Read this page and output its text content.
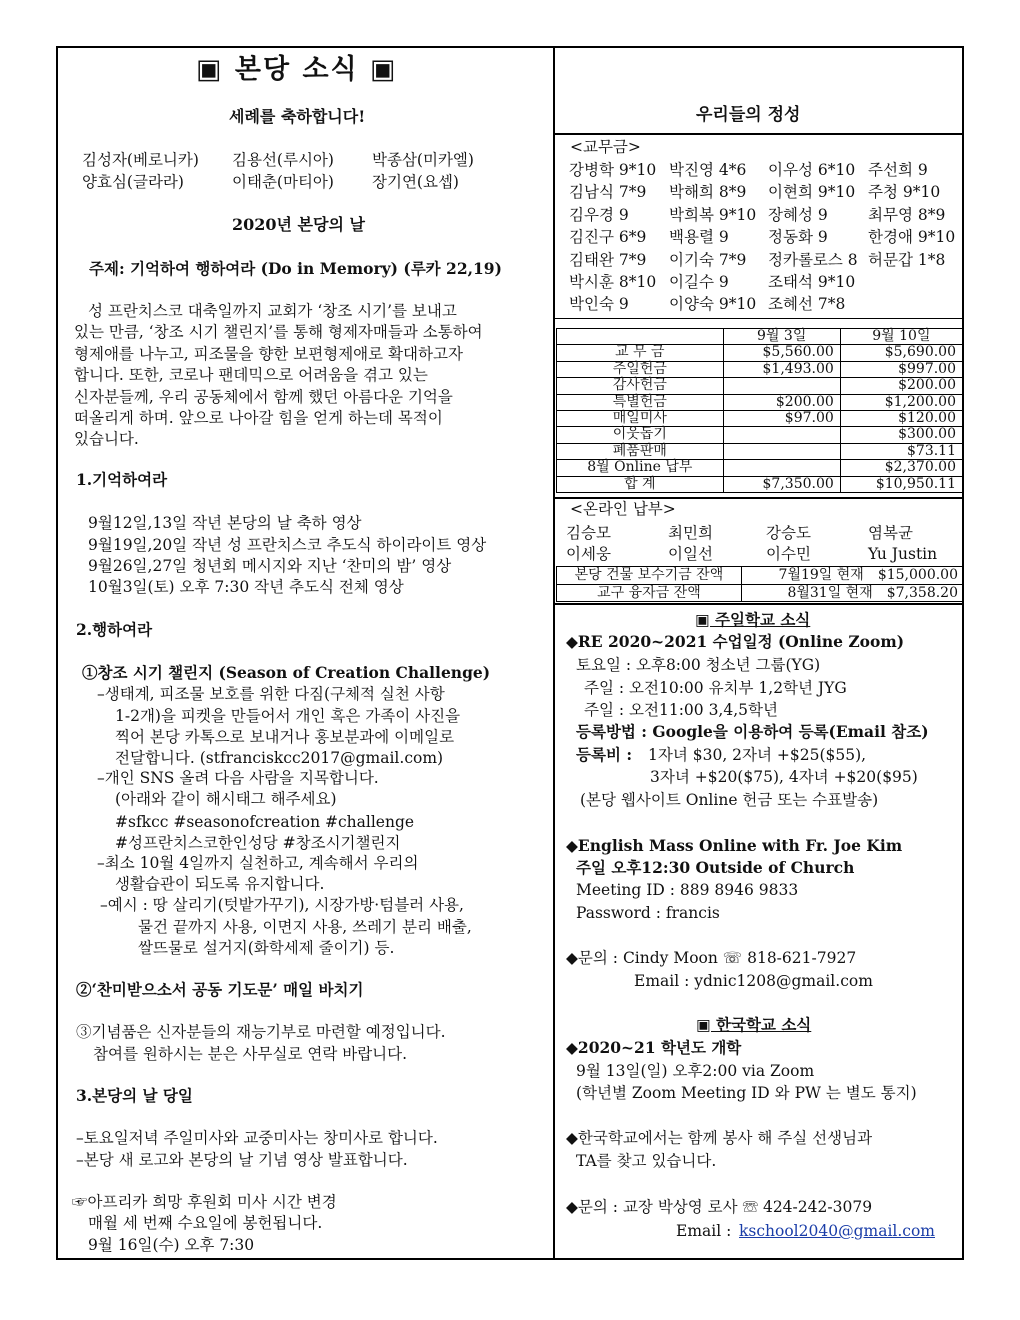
▣ 본당 소식 ▣
세례를 축하합니다!
김성자(베로니카) 김용선(루시아) 박종삼(미카엘)
양효심(글라라)	이태춘(마티아) 장기연(요셉)
2020년 본당의 날
주제: 기억하여 행하여라 (Do in Memory) (루카 22,19)
성 프란치스코 대축일까지 교회가 ‘창조 시기’를 보내고
있는 만큼, ‘창조 시기 챌린지’를 통해 형제자매들과 소통하여
형제애를 나누고, 피조물을 향한 보편형제애로 확대하고자
합니다. 또한, 코로나 팬데믹으로 어려움을 겪고 있는
신자분들께, 우리 공동체에서 함께 했던 아름다운 기억을
떠올리게 하며. 앞으로 나아갈 힘을 얻게 하는데 목적이
있습니다.
1.기억하여라
9월12일,13일 작년 본당의 날 축하 영상
9월19일,20일 작년 성 프란치스코 추도식 하이라이트 영상
9월26일,27일 청년회 메시지와 지난 ‘찬미의 밤’ 영상
10월3일(토) 오후 7:30 작년 추도식 전체 영상
2.행하여라
①창조 시기 챌린지 (Season of Creation Challenge)
–생태계, 피조물 보호를 위한 다짐(구체적 실천 사항
1-2개)을 피켓을 만들어서 개인 혹은 가족이 사진을
찍어 본당 카톡으로 보내거나 홍보분과에 이메일로
전달합니다. (stfranciskcc2017@gmail.com)
–개인 SNS 올려 다음 사람을 지목합니다.
(아래와 같이 해시태그 해주세요)
#sfkcc #seasonofcreation #challenge
#성프란치스코한인성당 #창조시기챌린지
–최소 10월 4일까지 실천하고, 계속해서 우리의
생활습관이 되도록 유지합니다.
–예시 : 땅 살리기(텃밭가꾸기), 시장가방·텀블러 사용,
물건 끝까지 사용, 이면지 사용, 쓰레기 분리 배출,
쌀뜨물로 설거지(화학세제 줄이기) 등.
②‘찬미받으소서 공동 기도문’ 매일 바치기
③기념품은 신자분들의 재능기부로 마련할 예정입니다.
참여를 원하시는 분은 사무실로 연락 바랍니다.
3.본당의 날 당일
–토요일저녁 주일미사와 교중미사는 창미사로 합니다.
–본당 새 로고와 본당의 날 기념 영상 발표합니다.
☞아프리카 희망 후원회 미사 시간 변경
매월 세 번째 수요일에 봉헌됩니다.
9월 16일(수) 오후 7:30
우리들의 정성
<교무금>
강병학 9*10 박진영 4*6 이우성 6*10 주선희 9
김남식 7*9 박해희 8*9 이현희 9*10 주청 9*10
김우경 9	박희복 9*10 장혜성 9	최무영 8*9
김진구 6*9 백용렬 9	정동화 9	한경애 9*10
김태완 7*9 이기숙 7*9 정카롤로스 8 허문갑 1*8
박시훈 8*10 이길수 9	조태석 9*10
박인숙 9	이양숙 9*10 조혜선 7*8
	9월 3일	9월 10일
교 무 금	$5,560.00	$5,690.00
주일헌금	$1,493.00	$997.00
감사헌금		$200.00
특별헌금	$200.00	$1,200.00
매일미사	$97.00	$120.00
이웃돕기		$300.00
폐품판매		$73.11
8월 Online 납부		$2,370.00
합 계	$7,350.00	$10,950.11
<온라인 납부>
김승모	최민희	강승도	염복균
이세웅	이일선	이수민	Yu Justin
본당 건물 보수기금 잔액	7월19일 현재 $15,000.00
교구 융자금 잔액	8월31일 현재 $7,358.20
▣ 주일학교 소식
◆RE 2020~2021 수업일정 (Online Zoom)
토요일 : 오후8:00 청소년 그룹(YG)
주일 : 오전10:00 유치부 1,2학년 JYG
주일 : 오전11:00 3,4,5학년
등록방법 : Google을 이용하여 등록(Email 참조)
등록비 : 1자녀 $30, 2자녀 +$25($55),
3자녀 +$20($75), 4자녀 +$20($95)
(본당 웹사이트 Online 헌금 또는 수표발송)
◆English Mass Online with Fr. Joe Kim
주일 오후12:30 Outside of Church
Meeting ID : 889 8946 9833
Password : francis
◆문의 : Cindy Moon ☏ 818-621-7927
Email : ydnic1208@gmail.com
▣ 한국학교 소식
◆2020~21 학년도 개학
9월 13일(일) 오후2:00 via Zoom
(학년별 Zoom Meeting ID 와 PW 는 별도 통지)
◆한국학교에서는 함께 봉사 해 주실 선생님과
TA를 찾고 있습니다.
◆문의 : 교장 박상영 로사 ☏ 424-242-3079
Email : kschool2040@gmail.com
